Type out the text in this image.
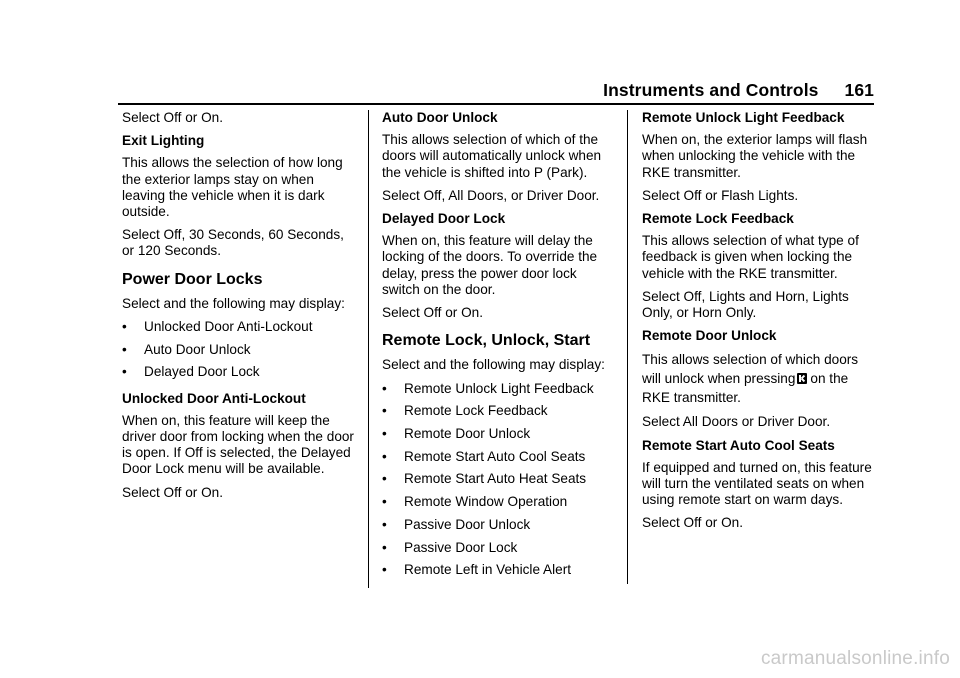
Instruments and Controls 161

Select Off or On.

Exit Lighting

This allows the selection of how long the exterior lamps stay on when leaving the vehicle when it is dark outside.

Select Off, 30 Seconds, 60 Seconds, or 120 Seconds.

Power Door Locks

Select and the following may display:

• Unlocked Door Anti-Lockout
• Auto Door Unlock
• Delayed Door Lock
Unlocked Door Anti-Lockout

When on, this feature will keep the driver door from locking when the door is open. If Off is selected, the Delayed Door Lock menu will be available.

Select Off or On.

Auto Door Unlock

This allows selection of which of the doors will automatically unlock when the vehicle is shifted into P (Park).

Select Off, All Doors, or Driver Door.

Delayed Door Lock

When on, this feature will delay the locking of the doors. To override the delay, press the power door lock switch on the door.

Select Off or On.

Remote Lock, Unlock, Start

Select and the following may display:

• Remote Unlock Light Feedback
• Remote Lock Feedback
• Remote Door Unlock
• Remote Start Auto Cool Seats
• Remote Start Auto Heat Seats
• Remote Window Operation
• Passive Door Unlock
• Passive Door Lock
• Remote Left in Vehicle Alert
Remote Unlock Light Feedback

When on, the exterior lamps will flash when unlocking the vehicle with the RKE transmitter.

Select Off or Flash Lights.

Remote Lock Feedback

This allows selection of what type of feedback is given when locking the vehicle with the RKE transmitter.

Select Off, Lights and Horn, Lights Only, or Horn Only.

Remote Door Unlock

This allows selection of which doors will unlock when pressing on the RKE transmitter.

Select All Doors or Driver Door.

Remote Start Auto Cool Seats

If equipped and turned on, this feature will turn the ventilated seats on when using remote start on warm days.

Select Off or On.

carmanualsonline.info
